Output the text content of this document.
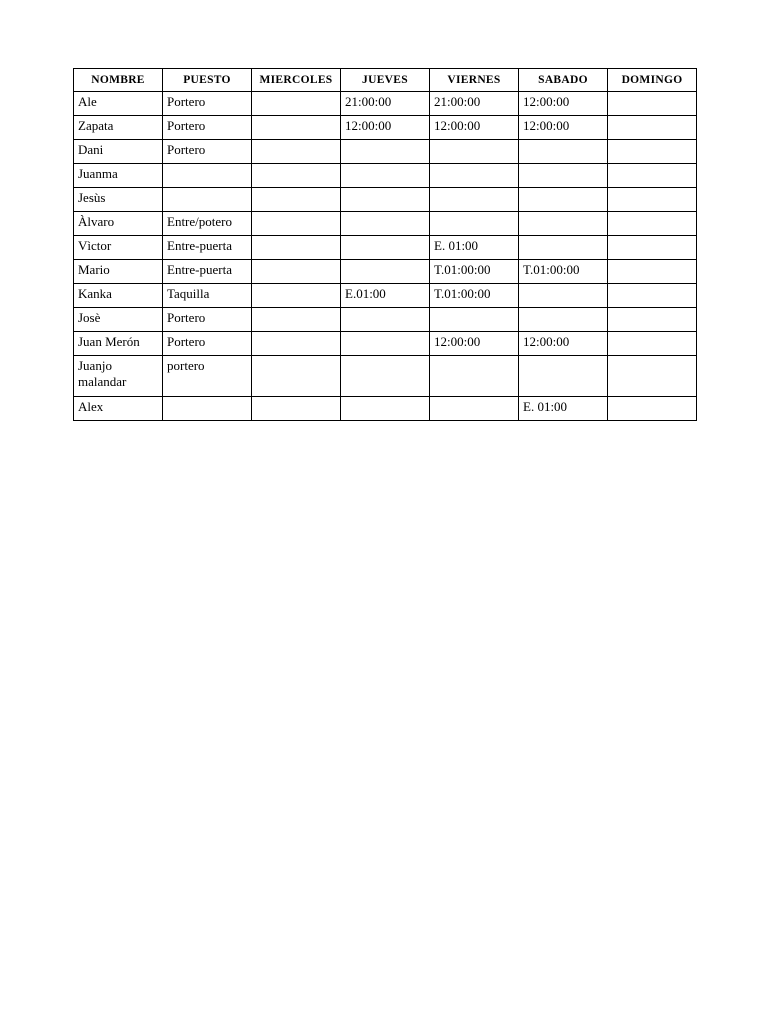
NOMBRE	PUESTO	MIERCOLES	JUEVES	VIERNES	SABADO	DOMINGO
Ale	Portero		21:00:00	21:00:00	12:00:00	
Zapata	Portero		12:00:00	12:00:00	12:00:00	
Dani	Portero					
Juanma						
Jesùs						
Àlvaro	Entre/potero					
Vìctor	Entre-puerta			E. 01:00		
Mario	Entre-puerta			T.01:00:00	T.01:00:00	
Kanka	Taquilla		E.01:00	T.01:00:00		
Josè	Portero					
Juan Merón	Portero			12:00:00	12:00:00	
Juanjo malandar	portero					
Alex					E. 01:00	
